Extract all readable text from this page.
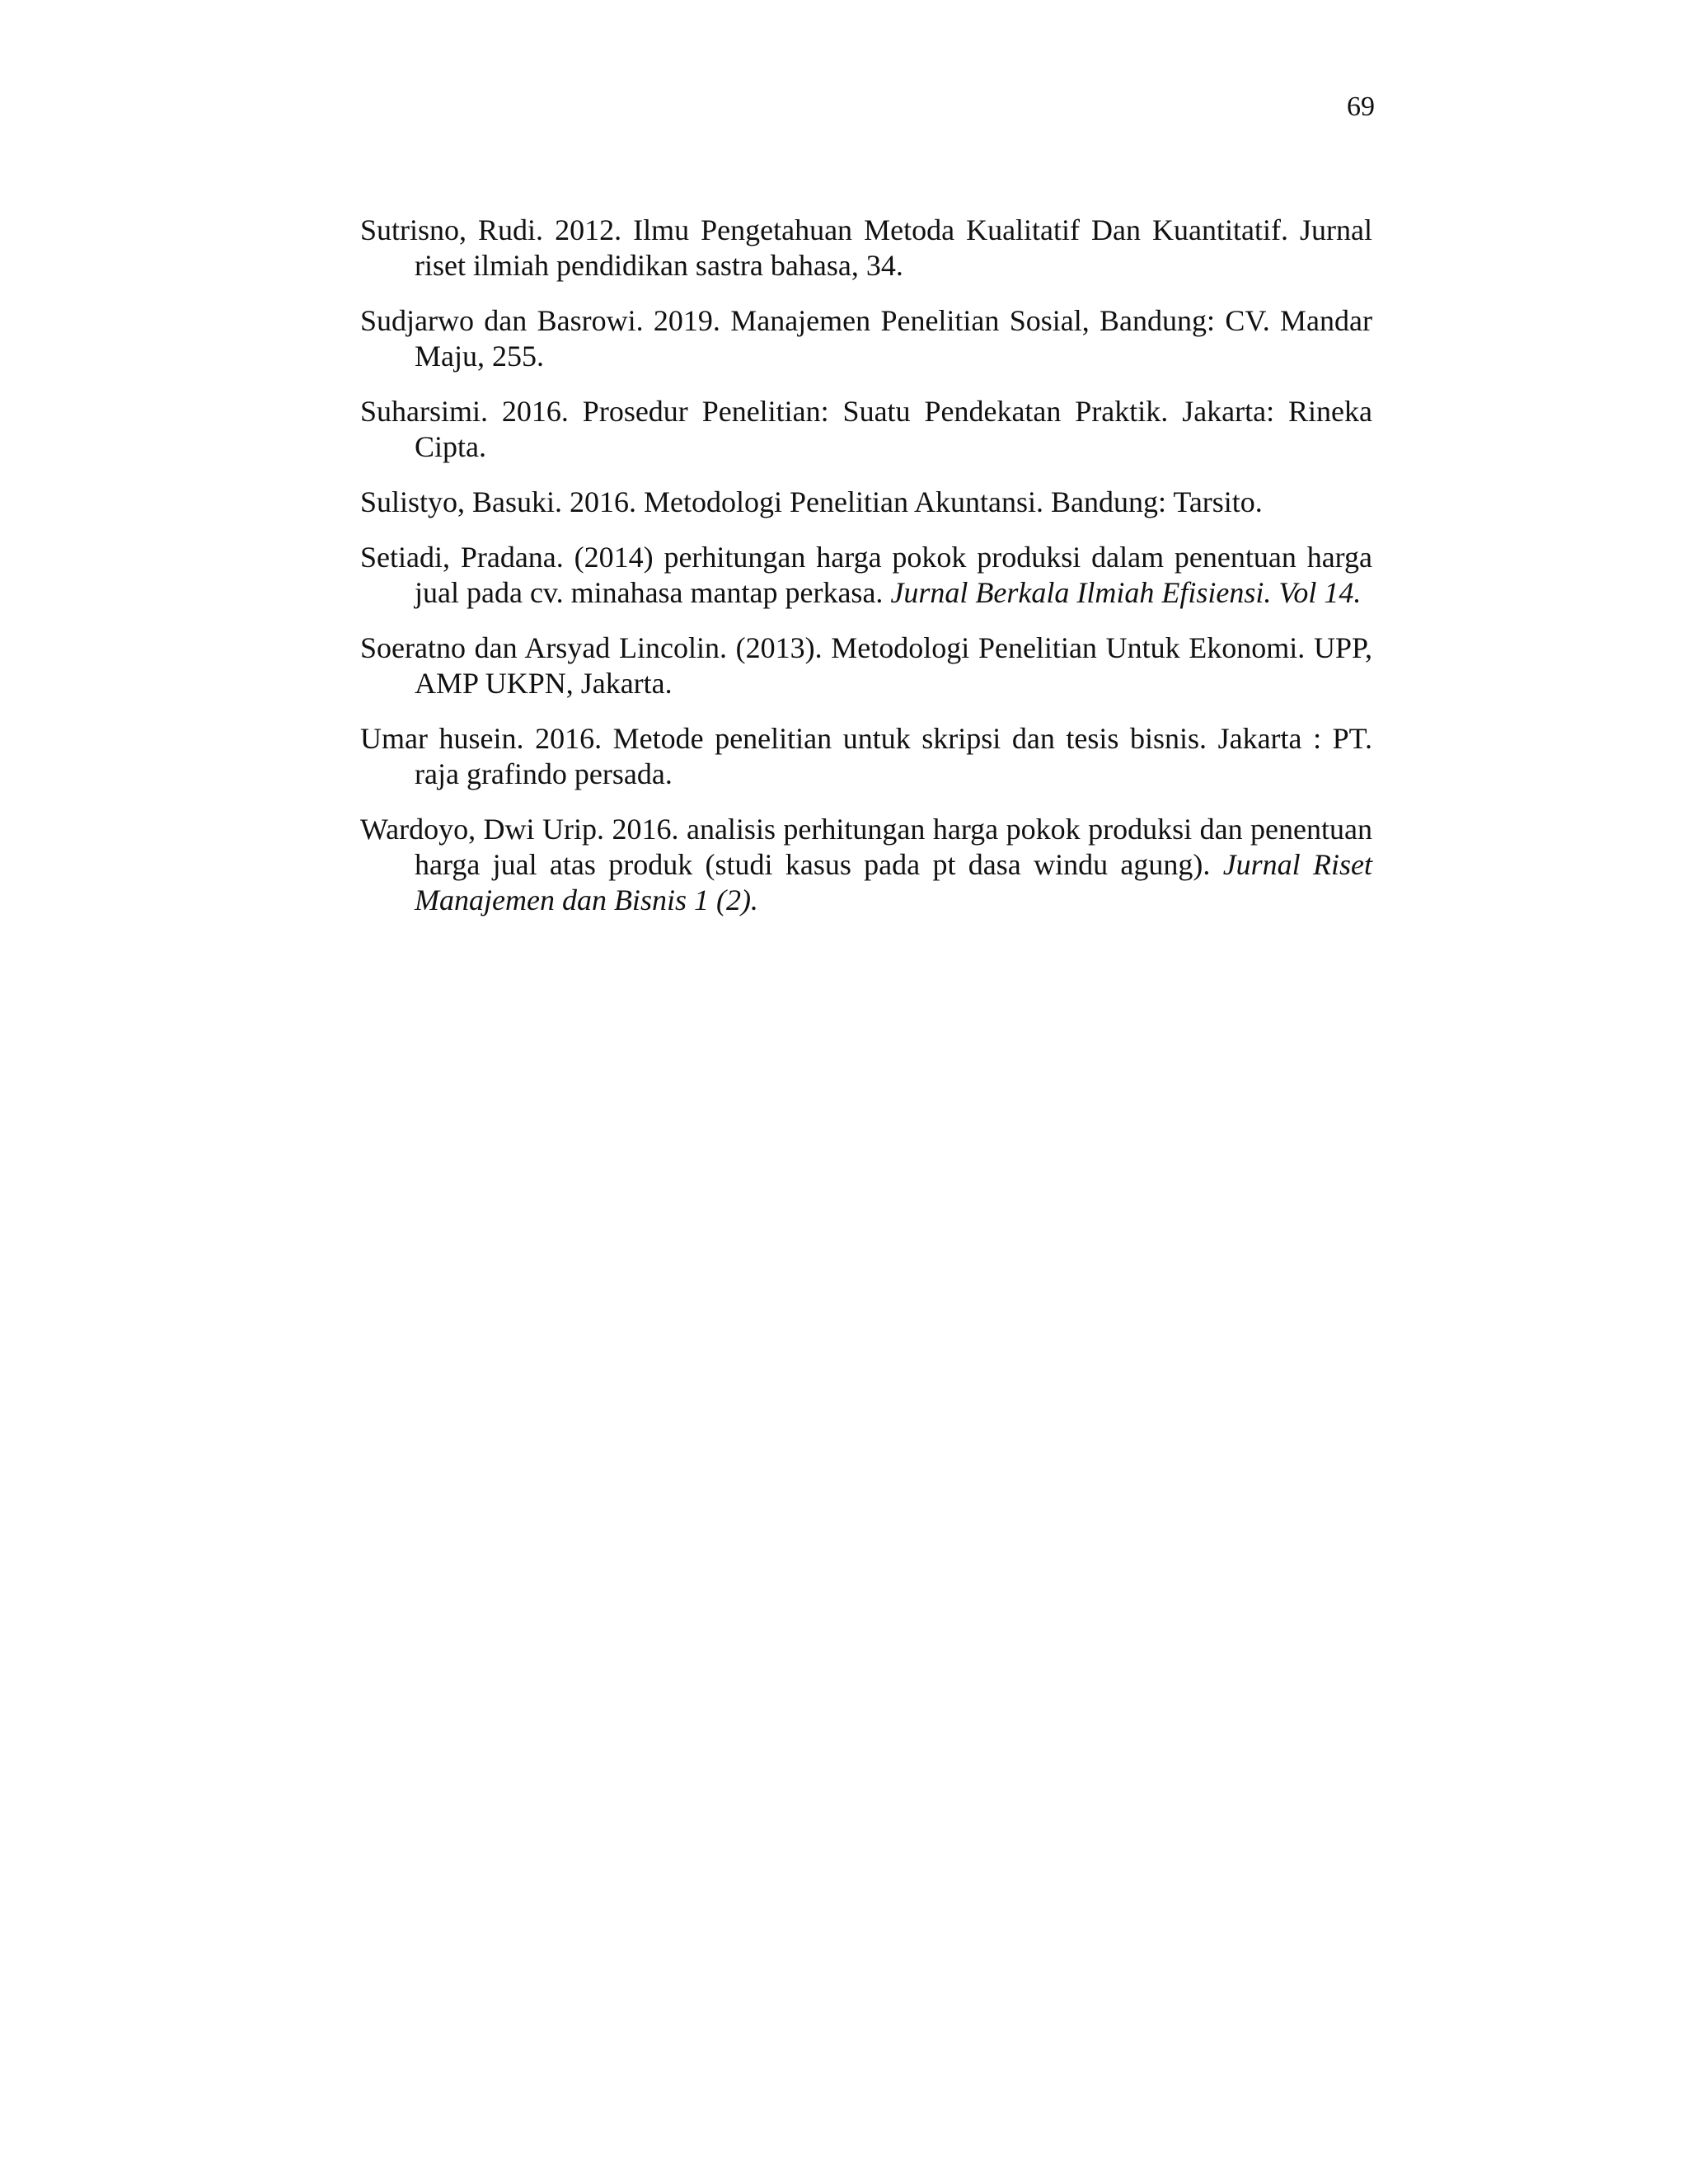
69

Sutrisno, Rudi. 2012. Ilmu Pengetahuan Metoda Kualitatif Dan Kuantitatif. Jurnal riset ilmiah pendidikan sastra bahasa, 34.

Sudjarwo dan Basrowi. 2019. Manajemen Penelitian Sosial, Bandung: CV. Mandar Maju, 255.

Suharsimi. 2016. Prosedur Penelitian: Suatu Pendekatan Praktik. Jakarta: Rineka Cipta.

Sulistyo, Basuki. 2016. Metodologi Penelitian Akuntansi. Bandung: Tarsito.

Setiadi, Pradana. (2014) perhitungan harga pokok produksi dalam penentuan harga jual pada cv. minahasa mantap perkasa. Jurnal Berkala Ilmiah Efisiensi. Vol 14.

Soeratno dan Arsyad Lincolin. (2013). Metodologi Penelitian Untuk Ekonomi. UPP, AMP UKPN, Jakarta.

Umar husein. 2016. Metode penelitian untuk skripsi dan tesis bisnis. Jakarta : PT. raja grafindo persada.

Wardoyo, Dwi Urip. 2016. analisis perhitungan harga pokok produksi dan penentuan harga jual atas produk (studi kasus pada pt dasa windu agung). Jurnal Riset Manajemen dan Bisnis 1 (2).
